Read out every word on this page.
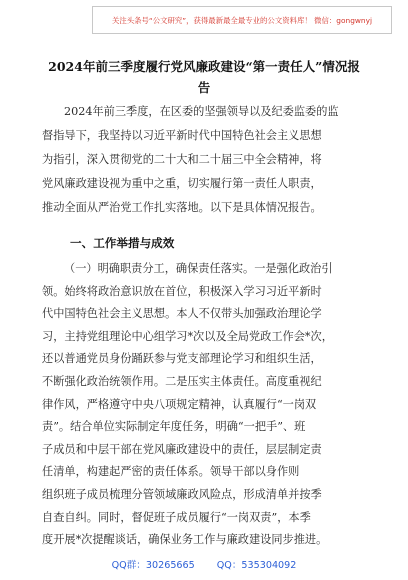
关注头条号“公文研究”，获得最新最全最专业的公文资料库！ 微信：gongwnyj
2024年前三季度履行党风廉政建设“第一责任人”情况报
告
2024年前三季度，在区委的坚强领导以及纪委监委的监
督指导下，我坚持以习近平新时代中国特色社会主义思想
为指引，深入贯彻党的二十大和二十届三中全会精神，将
党风廉政建设视为重中之重，切实履行第一责任人职责，
推动全面从严治党工作扎实落地。以下是具体情况报告。
一、工作举措与成效
（一）明确职责分工，确保责任落实。一是强化政治引
领。始终将政治意识放在首位，积极深入学习习近平新时
代中国特色社会主义思想。本人不仅带头加强政治理论学
习，主持党组理论中心组学习*次以及全局党政工作会*次，
还以普通党员身份踊跃参与党支部理论学习和组织生活，
不断强化政治统领作用。二是压实主体责任。高度重视纪
律作风，严格遵守中央八项规定精神，认真履行“一岗双
责”。结合单位实际制定年度任务，明确“一把手”、班
子成员和中层干部在党风廉政建设中的责任，层层制定责
任清单，构建起严密的责任体系。领导干部以身作则
组织班子成员梳理分管领域廉政风险点，形成清单并按季
自查自纠。同时，督促班子成员履行“一岗双责”，本季
度开展*次提醒谈话，确保业务工作与廉政建设同步推进。
QQ群：30265665 QQ：535304092
